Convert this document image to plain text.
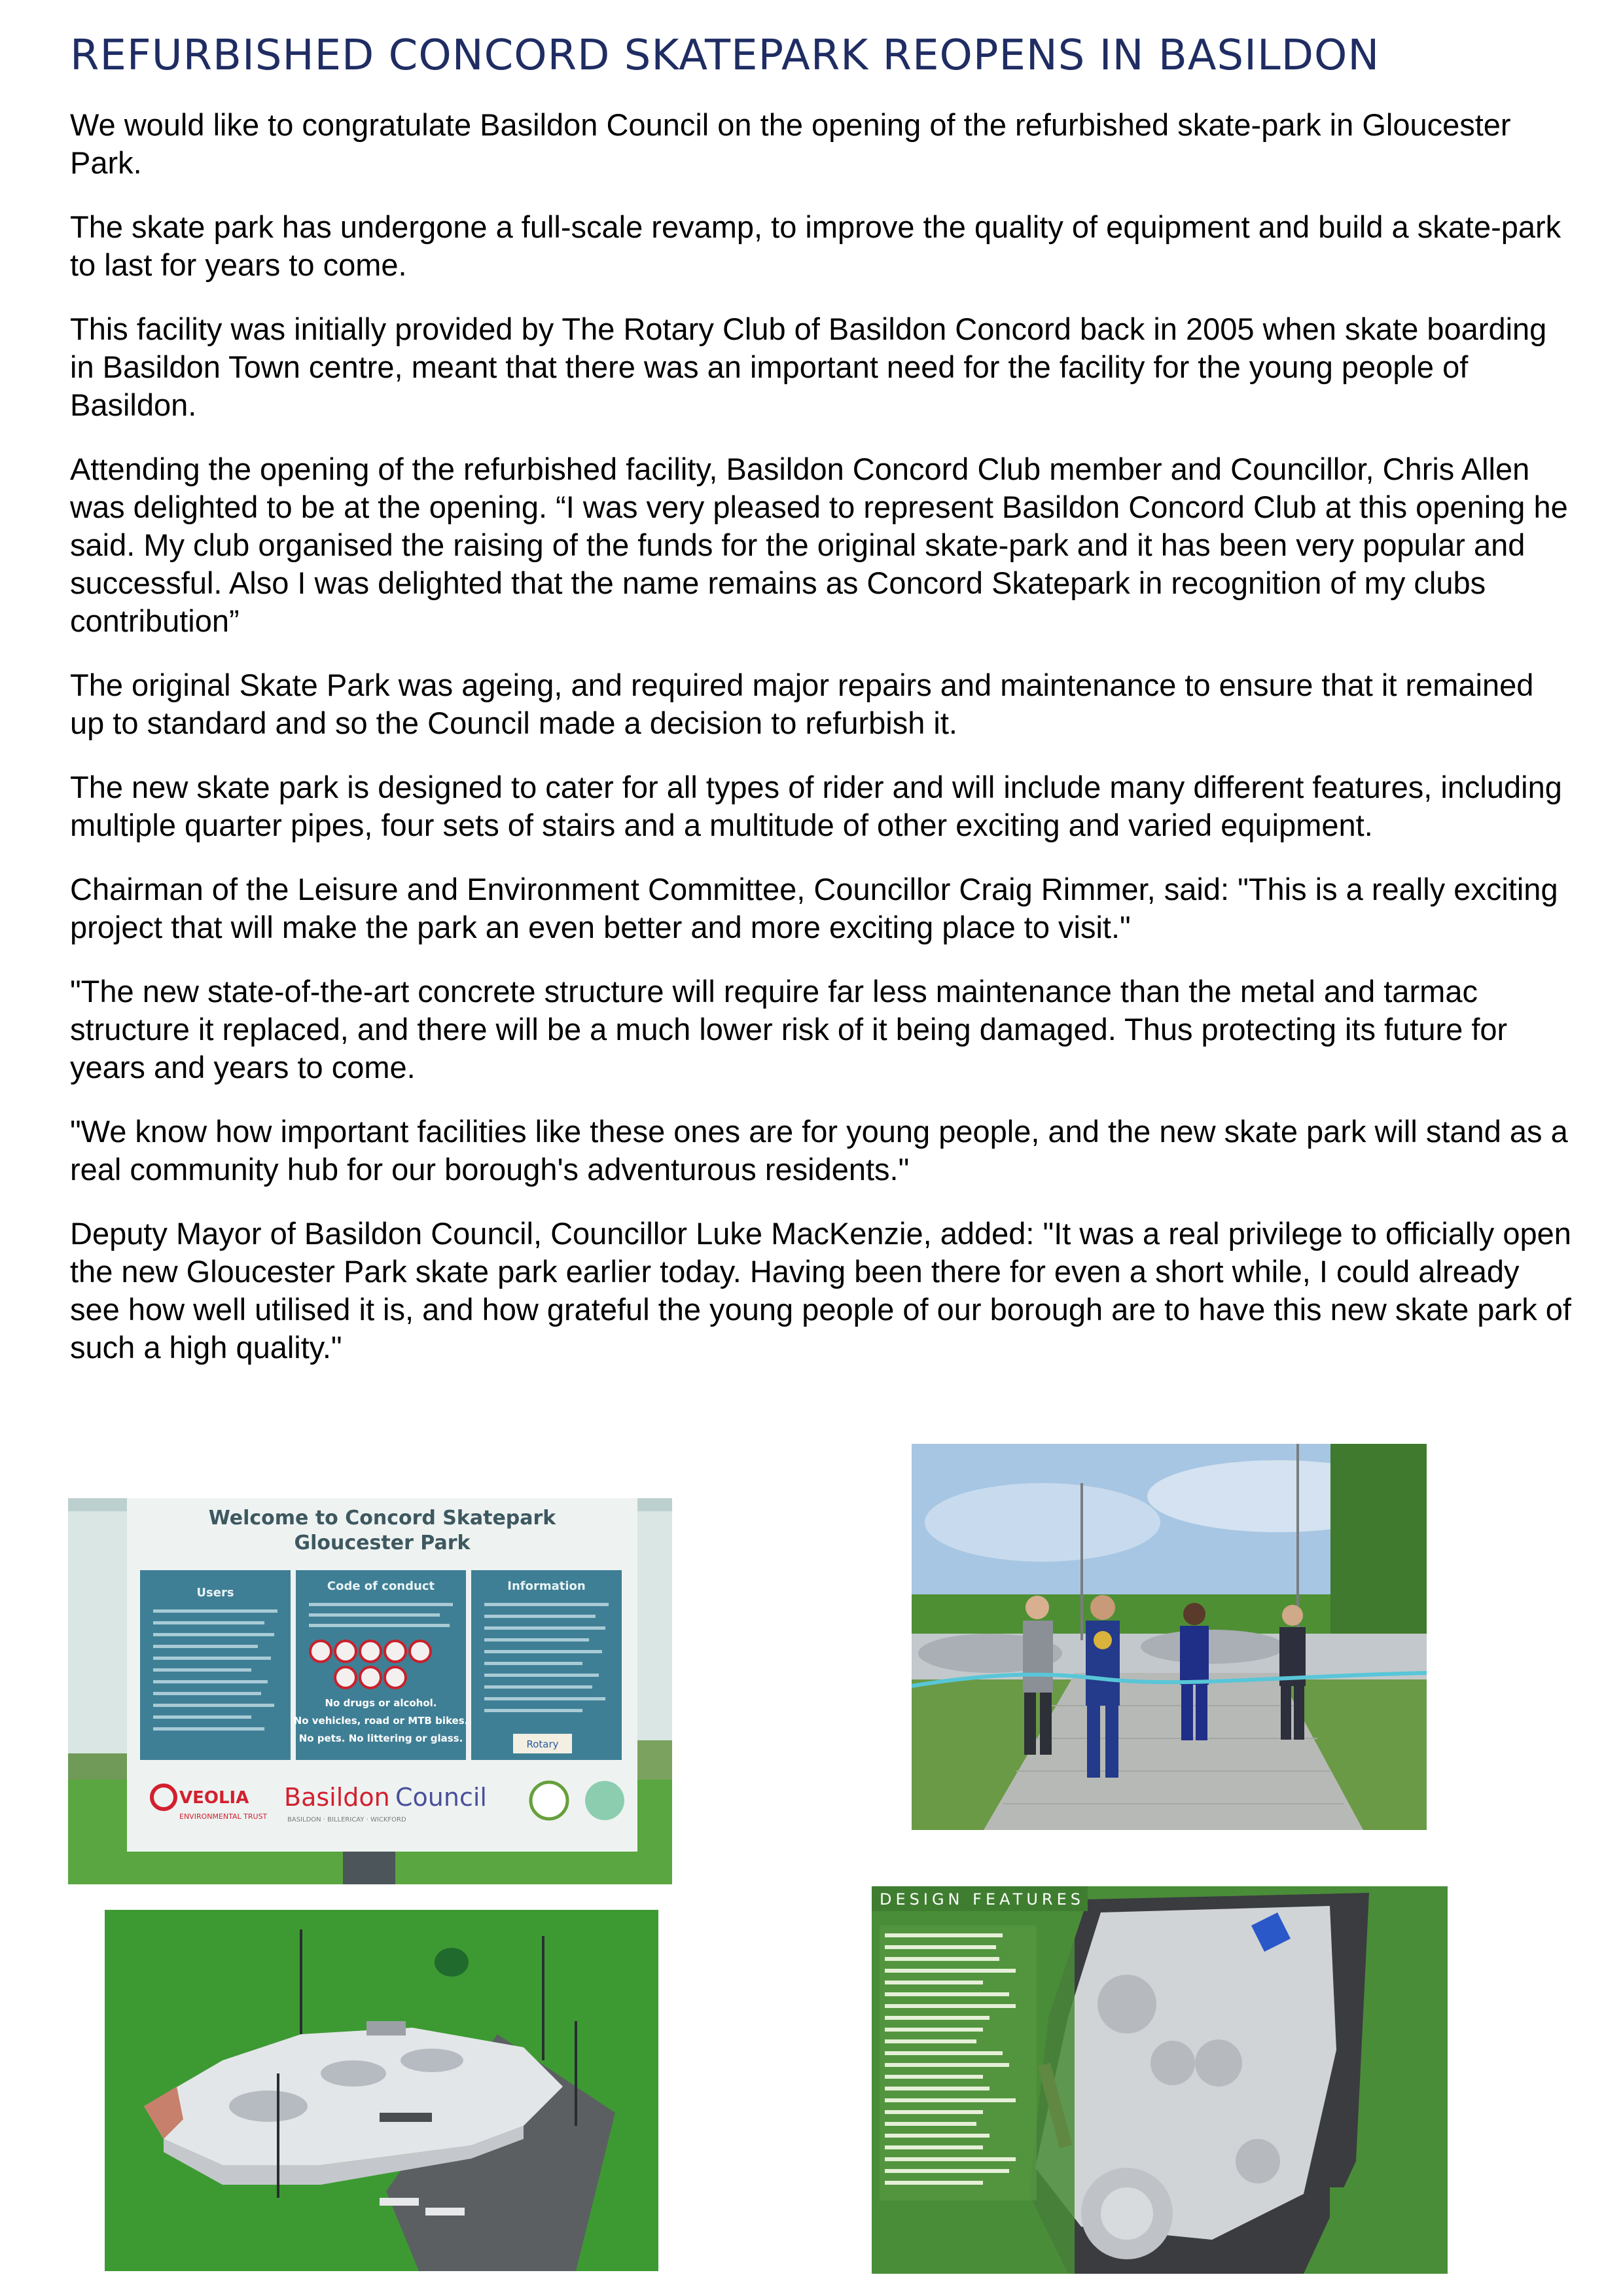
REFURBISHED CONCORD SKATEPARK REOPENS IN BASILDON

We would like to congratulate Basildon Council on the opening of the refurbished skate-park in Gloucester Park.

The skate park has undergone a full-scale revamp, to improve the quality of equipment and build a skate-park to last for years to come.

This facility was initially provided by The Rotary Club of Basildon Concord back in 2005 when skate boarding in Basildon Town centre, meant that there was an important need for the facility for the young people of Basildon.

Attending the opening of the refurbished facility, Basildon Concord Club member and Councillor, Chris Allen was delighted to be at the opening. “I was very pleased to represent Basildon Concord Club at this opening he said. My club organised the raising of the funds for the original skate-park and it has been very popular and successful. Also I was delighted that the name remains as Concord Skatepark in recognition of my clubs contribution”

The original Skate Park was ageing, and required major repairs and maintenance to ensure that it remained up to standard and so the Council made a decision to refurbish it.

The new skate park is designed to cater for all types of rider and will include many different features, including multiple quarter pipes, four sets of stairs and a multitude of other exciting and varied equipment.

Chairman of the Leisure and Environment Committee, Councillor Craig Rimmer, said: "This is a really exciting project that will make the park an even better and more exciting place to visit."

"The new state-of-the-art concrete structure will require far less maintenance than the metal and tarmac structure it replaced, and there will be a much lower risk of it being damaged. Thus protecting its future for years and years to come.

"We know how important facilities like these ones are for young people, and the new skate park will stand as a real community hub for our borough's adventurous residents."

Deputy Mayor of Basildon Council, Councillor Luke MacKenzie, added: "It was a real privilege to officially open the new Gloucester Park skate park earlier today. Having been there for even a short while, I could already see how well utilised it is, and how grateful the young people of our borough are to have this new skate park of such a high quality."

Welcome to Concord Skatepark
Gloucester Park
Users	Code of conduct	Information
No drugs or alcohol.
No vehicles, road or MTB bikes.
No pets. No littering or glass.	Rotary
VEOLIA
ENVIRONMENTAL TRUST
Basildon Council
BASILDON · BILLERICAY · WICKFORD
DESIGN FEATURES
